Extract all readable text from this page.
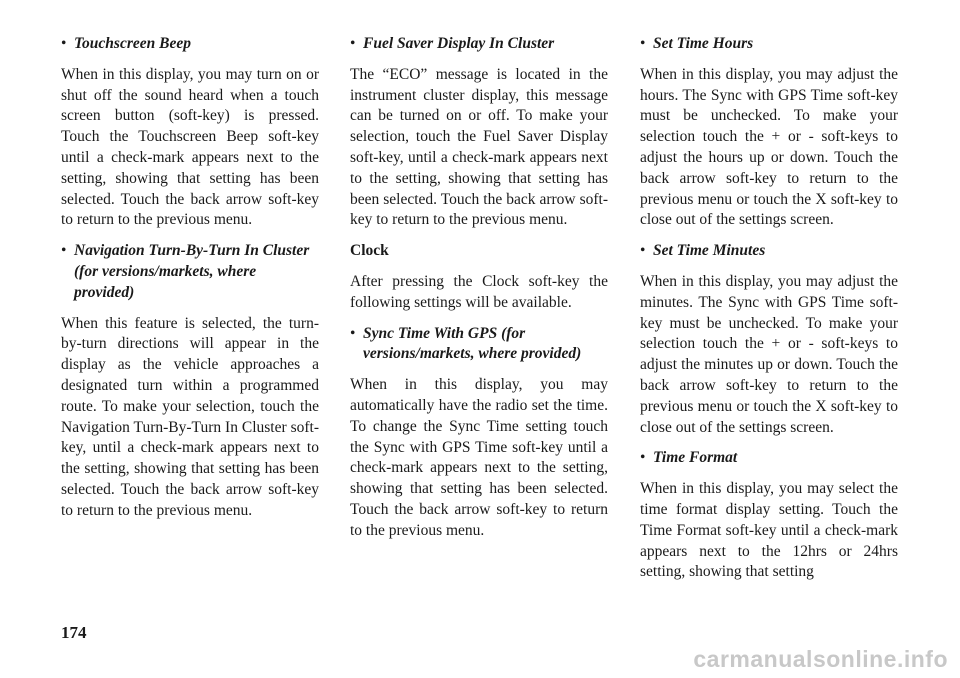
• Touchscreen Beep

When in this display, you may turn on or shut off the sound heard when a touch screen button (soft-key) is pressed. Touch the Touchscreen Beep soft-key until a check-mark appears next to the setting, showing that setting has been selected. Touch the back arrow soft-key to return to the previous menu.

• Navigation Turn-By-Turn In Cluster (for versions/markets, where provided)

When this feature is selected, the turn-by-turn directions will appear in the display as the vehicle approaches a designated turn within a programmed route. To make your selection, touch the Navigation Turn-By-Turn In Cluster soft-key, until a check-mark appears next to the setting, showing that setting has been selected. Touch the back arrow soft-key to return to the previous menu.

• Fuel Saver Display In Cluster

The “ECO” message is located in the instrument cluster display, this message can be turned on or off. To make your selection, touch the Fuel Saver Display soft-key, until a check-mark appears next to the setting, showing that setting has been selected. Touch the back arrow soft-key to return to the previous menu.

Clock

After pressing the Clock soft-key the following settings will be available.

• Sync Time With GPS (for versions/markets, where provided)

When in this display, you may automatically have the radio set the time. To change the Sync Time setting touch the Sync with GPS Time soft-key until a check-mark appears next to the setting, showing that setting has been selected. Touch the back arrow soft-key to return to the previous menu.

• Set Time Hours

When in this display, you may adjust the hours. The Sync with GPS Time soft-key must be unchecked. To make your selection touch the + or - soft-keys to adjust the hours up or down. Touch the back arrow soft-key to return to the previous menu or touch the X soft-key to close out of the settings screen.

• Set Time Minutes

When in this display, you may adjust the minutes. The Sync with GPS Time soft-key must be unchecked. To make your selection touch the + or - soft-keys to adjust the minutes up or down. Touch the back arrow soft-key to return to the previous menu or touch the X soft-key to close out of the settings screen.

• Time Format

When in this display, you may select the time format display setting. Touch the Time Format soft-key until a check-mark appears next to the 12hrs or 24hrs setting, showing that setting

174
carmanualsonline.info
